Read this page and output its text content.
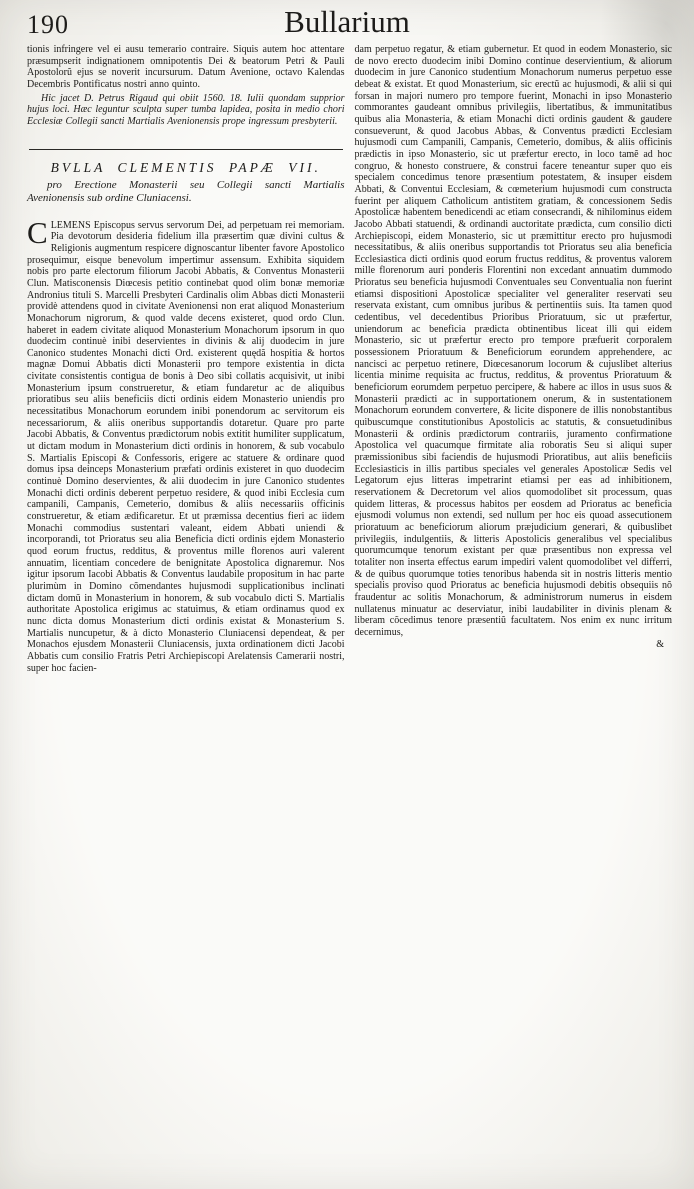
190	Bullarium

tionis infringere vel ei ausu temerario contraire. Siquis autem hoc attentare præsumpserit indignationem omnipotentis Dei & beatorum Petri & Pauli Apostolorũ ejus se noverit incursurum. Datum Avenione, octavo Kalendas Decembris Pontificatus nostri anno quinto.

Hic jacet D. Petrus Rigaud qui obiit 1560. 18. Iulii quondam supprior hujus loci. Hæc leguntur sculpta super tumba lapidea, posita in medio chori Ecclesiæ Collegii sancti Martialis Avenionensis prope ingressum presbyterii.

BVLLA CLEMENTIS PAPÆ VII.
pro Erectione Monasterii seu Collegii sancti Martialis Avenionensis sub ordine Cluniacensi.

CLEMENS Episcopus servus servorum Dei, ad perpetuam rei memoriam. Pia devotorum desideria fidelium illa præsertim quæ divini cultus & Religionis augmentum respicere dignoscantur libenter favore Apostolico prosequimur, eisque benevolum impertimur assensum. Exhibita siquidem nobis pro parte electorum filiorum Jacobi Abbatis, & Conventus Monasterii Clun. Matisconensis Diœcesis petitio continebat quod olim bonæ memoriæ Andronius tituli S. Marcelli Presbyteri Cardinalis olim Abbas dicti Monasterii providè attendens quod in civitate Avenionensi non erat aliquod Monasterium Monachorum nigrorum, & quod valde decens existeret, quod ordo Clun. haberet in eadem civitate aliquod Monasterium Monachorum ipsorum in quo duodecim continuè inibi deservientes in divinis & alij duodecim in jure Canonico studentes Monachi dicti Ord. existerent quędã hospitia & hortos magnæ Domui Abbatis dicti Monasterii pro tempore existentia in dicta civitate consistentis contigua de bonis à Deo sibi collatis acquisivit, ut inibi Monasterium ipsum construeretur, & etiam fundaretur ac de aliquibus prioratibus seu aliis beneficiis dicti ordinis eidem Monasterio uniendis pro necessitatibus Monachorum eorundem inibi ponendorum ac servitorum eis necessariorum, & aliis oneribus supportandis dotaretur. Quare pro parte Jacobi Abbatis, & Conventus prædictorum nobis extitit humiliter supplicatum, ut dictam modum in Monasterium dicti ordinis in honorem, & sub vocabulo S. Martialis Episcopi & Confessoris, erigere ac statuere & ordinare quod domus ipsa deinceps Monasterium præfati ordinis existeret in quo duodecim continuè Domino deservientes, & alii duodecim in jure Canonico studentes Monachi dicti ordinis deberent perpetuo residere, & quod inibi Ecclesia cum campanili, Campanis, Cemeterio, domibus & aliis necessariis officinis construeretur, & etiam ædificaretur. Et ut præmissa decentius fieri ac iidem Monachi commodius sustentari valeant, eidem Abbati uniendi & incorporandi, tot Prioratus seu alia Beneficia dicti ordinis ejdem Monasterio quod eorum fructus, redditus, & proventus mille florenos auri valerent annuatim, licentiam concedere de benignitate Apostolica dignaremur. Nos igitur ipsorum Iacobi Abbatis & Conventus laudabile propositum in hac parte plurimùm in Domino cõmendantes hujusmodi supplicationibus inclinati dictam domũ in Monasterium in honorem, & sub vocabulo dicti S. Martialis authoritate Apostolica erigimus ac statuimus, & etiam ordinamus quod ex nunc dicta domus Monasterium dicti ordinis existat & Monasterium S. Martialis nuncupetur, & à dicto Monasterio Cluniacensi dependeat, & per Monachos ejusdem Monasterii Cluniacensis, juxta ordinationem dicti Jacobi Abbatis cum consilio Fratris Petri Archiepiscopi Arelatensis Camerarii nostri, super hoc facien-

dam perpetuo regatur, & etiam gubernetur. Et quod in eodem Monasterio, sic de novo erecto duodecim inibi Domino continue deservientium, & aliorum duodecim in jure Canonico studentium Monachorum numerus perpetuo esse debeat & existat. Et quod Monasterium, sic erectũ ac hujusmodi, & alii si qui forsan in majori numero pro tempore fuerint, Monachi in ipso Monasterio commorantes gaudeant omnibus privilegiis, libertatibus, & immunitatibus quibus alia Monasteria, & etiam Monachi dicti ordinis gaudent & gaudere consueverunt, & quod Jacobus Abbas, & Conventus prædicti Ecclesiam hujusmodi cum Campanili, Campanis, Cemeterio, domibus, & aliis officinis prædictis in ipso Monasterio, sic ut præfertur erecto, in loco tamẽ ad hoc congruo, & honesto construere, & construi facere teneantur super quo eis specialem concedimus tenore præsentium potestatem, & insuper eisdem Abbati, & Conventui Ecclesiam, & cœmeterium hujusmodi cum constructa fuerint per aliquem Catholicum antistitem gratiam, & concessionem Sedis Apostolicæ habentem benedicendi ac etiam consecrandi, & nihilominus eidem Jacobo Abbati statuendi, & ordinandi auctoritate prædicta, cum consilio dicti Archiepiscopi, eidem Monasterio, sic ut præmittitur erecto pro hujusmodi necessitatibus, & aliis oneribus supportandis tot Prioratus seu alia beneficia Ecclesiastica dicti ordinis quod eorum fructus redditus, & proventus valorem mille florenorum auri ponderis Florentini non excedant annuatim dummodo Prioratus seu beneficia hujusmodi Conventuales seu Conventualia non fuerint etiamsi dispositioni Apostolicæ specialiter vel generaliter reservati seu reservata existant, cum omnibus juribus & pertinentiis suis. Ita tamen quod cedentibus, vel decedentibus Prioribus Prioratuum, sic ut præfertur, uniendorum ac beneficia prædicta obtinentibus liceat illi qui eidem Monasterio, sic ut præfertur erecto pro tempore præfuerit corporalem possessionem Prioratuum & Beneficiorum eorundem apprehendere, ac nancisci ac perpetuo retinere, Diœcesanorum locorum & cujuslibet alterius licentia minime requisita ac fructus, redditus, & proventus Prioratuum & beneficiorum eorumdem perpetuo percipere, & habere ac illos in usus suos & Monasterii prædicti ac in supportationem onerum, & in sustentationem Monachorum eorundem convertere, & licite disponere de illis nonobstantibus quibuscumque constitutionibus Apostolicis ac statutis, & consuetudinibus Monasterii & ordinis prædictorum contrariis, juramento confirmatione Apostolica vel quacumque firmitate alia roboratis Seu si aliqui super præmissionibus sibi faciendis de hujusmodi Prioratibus, aut aliis beneficiis Ecclesiasticis in illis partibus speciales vel generales Apostolicæ Sedis vel Legatorum ejus litteras impetrarint etiamsi per eas ad inhibitionem, reservationem & Decretorum vel alios quomodolibet sit processum, quas quidem litteras, & processus habitos per eosdem ad Prioratus ac beneficia ejusmodi volumus non extendi, sed nullum per hoc eis quoad assecutionem prioratuum ac beneficiorum aliorum præjudicium generari, & quibuslibet privilegiis, indulgentiis, & litteris Apostolicis generalibus vel specialibus quorumcumque tenorum existant per quæ præsentibus non expressa vel totaliter non inserta effectus earum impediri valent quomodolibet vel differri, & de quibus quorumque toties tenoribus habenda sit in nostris litteris mentio specialis proviso quod Prioratus ac beneficia hujusmodi debitis obsequiis nõ fraudentur ac solitis Monachorum, & administrorum numerus in eisdem nullatenus minuatur ac deserviatur, inibi laudabiliter in divinis plenam & liberam cõcedimus tenore præsentiũ facultatem. Nos enim ex nunc irritum decernimus,

&
